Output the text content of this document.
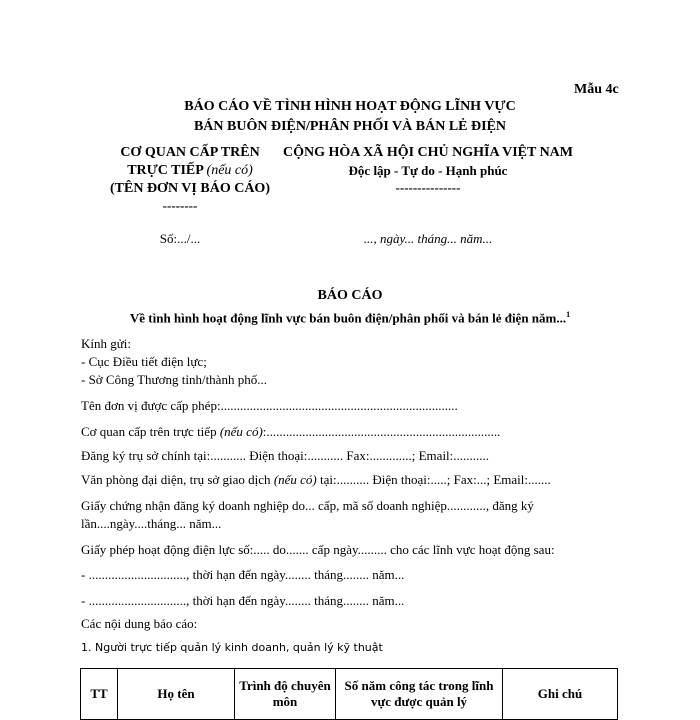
Mẫu 4c
BÁO CÁO VỀ TÌNH HÌNH HOẠT ĐỘNG LĨNH VỰC
BÁN BUÔN ĐIỆN/PHÂN PHỐI VÀ BÁN LẺ ĐIỆN
CƠ QUAN CẤP TRÊN
TRỰC TIẾP (nếu có)
(TÊN ĐƠN VỊ BÁO CÁO)
--------
Số:.../...
CỘNG HÒA XÃ HỘI CHỦ NGHĨA VIỆT NAM
Độc lập - Tự do - Hạnh phúc
---------------
..., ngày... tháng... năm...
BÁO CÁO
Về tình hình hoạt động lĩnh vực bán buôn điện/phân phối và bán lẻ điện năm...$^1$
Kính gửi:
- Cục Điều tiết điện lực;
- Sở Công Thương tỉnh/thành phố...
Tên đơn vị được cấp phép:.........................................................................
Cơ quan cấp trên trực tiếp (nếu có):........................................................................
Đăng ký trụ sở chính tại:........... Điện thoại:........... Fax:.............; Email:...........
Văn phòng đại diện, trụ sở giao dịch (nếu có) tại:.......... Điện thoại:.....; Fax:...; Email:.......
Giấy chứng nhận đăng ký doanh nghiệp do... cấp, mã số doanh nghiệp............, đăng ký
lần....ngày....tháng... năm...
Giấy phép hoạt động điện lực số:..... do....... cấp ngày......... cho các lĩnh vực hoạt động sau:
- .............................., thời hạn đến ngày........ tháng........ năm...
- .............................., thời hạn đến ngày........ tháng........ năm...
Các nội dung báo cáo:
1. Người trực tiếp quản lý kinh doanh, quản lý kỹ thuật
TT	Họ tên	Trình độ chuyên môn	Số năm công tác trong lĩnh vực được quản lý	Ghi chú
